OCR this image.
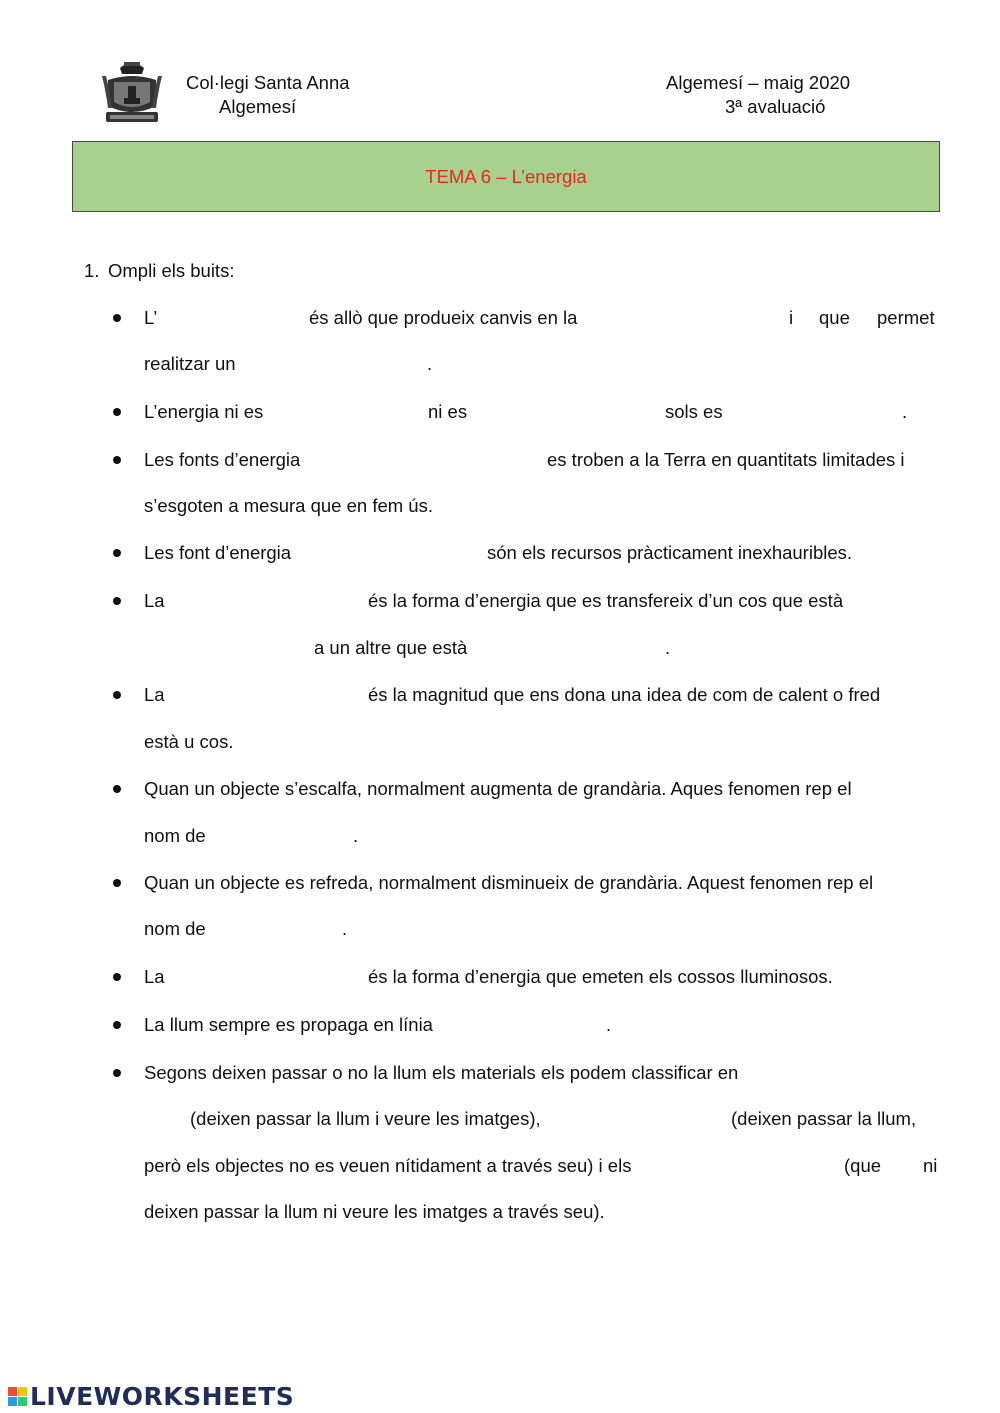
Col·legi Santa Anna
Algemesí
Algemesí – maig 2020
3ª avaluació
TEMA 6 – L’energia
1. Ompli els buits:
L’	és allò que produeix canvis en la	i que permet
realitzar un	.
L’energia ni es	ni es	sols es	.
Les fonts d’energia	es troben a la Terra en quantitats limitades i
s’esgoten a mesura que en fem ús.
Les font d’energia	són els recursos pràcticament inexhauribles.
La	és la forma d’energia que es transfereix d’un cos que està
a un altre que està	.
La	és la magnitud que ens dona una idea de com de calent o fred
està u cos.
Quan un objecte s’escalfa, normalment augmenta de grandària. Aques fenomen rep el
nom de	.
Quan un objecte es refreda, normalment disminueix de grandària. Aquest fenomen rep el
nom de	.
La	és la forma d’energia que emeten els cossos lluminosos.
La llum sempre es propaga en línia	.
Segons deixen passar o no la llum els materials els podem classificar en
(deixen passar la llum i veure les imatges),	(deixen passar la llum,
però els objectes no es veuen nítidament a través seu) i els	(que ni
deixen passar la llum ni veure les imatges a través seu).
LIVEWORKSHEETS
